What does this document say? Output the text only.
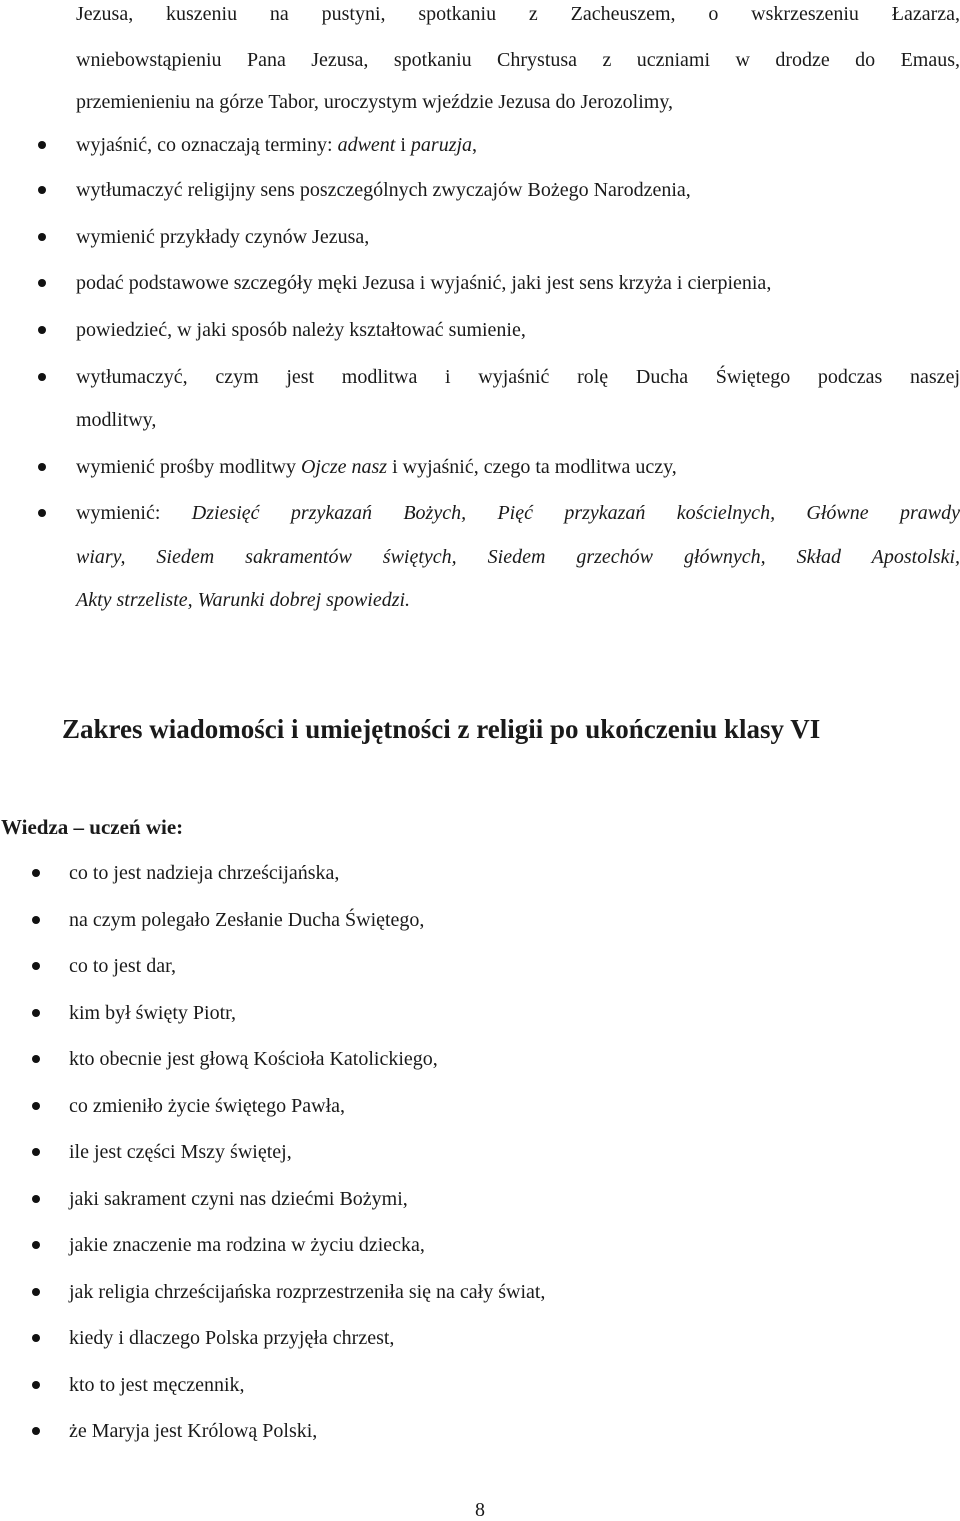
Jezusa, kuszeniu na pustyni, spotkaniu z Zacheuszem, o wskrzeszeniu Łazarza,
wniebowstąpieniu Pana Jezusa, spotkaniu Chrystusa z uczniami w drodze do Emaus,
przemienieniu na górze Tabor, uroczystym wjeździe Jezusa do Jerozolimy,
wyjaśnić, co oznaczają terminy: adwent i paruzja,
wytłumaczyć religijny sens poszczególnych zwyczajów Bożego Narodzenia,
wymienić przykłady czynów Jezusa,
podać podstawowe szczegóły męki Jezusa i wyjaśnić, jaki jest sens krzyża i cierpienia,
powiedzieć, w jaki sposób należy kształtować sumienie,
wytłumaczyć, czym jest modlitwa i wyjaśnić rolę Ducha Świętego podczas naszej
modlitwy,
wymienić prośby modlitwy Ojcze nasz i wyjaśnić, czego ta modlitwa uczy,
wymienić: Dziesięć przykazań Bożych, Pięć przykazań kościelnych, Główne prawdy
wiary, Siedem sakramentów świętych, Siedem grzechów głównych, Skład Apostolski,
Akty strzeliste, Warunki dobrej spowiedzi.
Zakres wiadomości i umiejętności z religii po ukończeniu klasy VI
Wiedza – uczeń wie:
co to jest nadzieja chrześcijańska,
na czym polegało Zesłanie Ducha Świętego,
co to jest dar,
kim był święty Piotr,
kto obecnie jest głową Kościoła Katolickiego,
co zmieniło życie świętego Pawła,
ile jest części Mszy świętej,
jaki sakrament czyni nas dziećmi Bożymi,
jakie znaczenie ma rodzina w życiu dziecka,
jak religia chrześcijańska rozprzestrzeniła się na cały świat,
kiedy i dlaczego Polska przyjęła chrzest,
kto to jest męczennik,
że Maryja jest Królową Polski,
8
